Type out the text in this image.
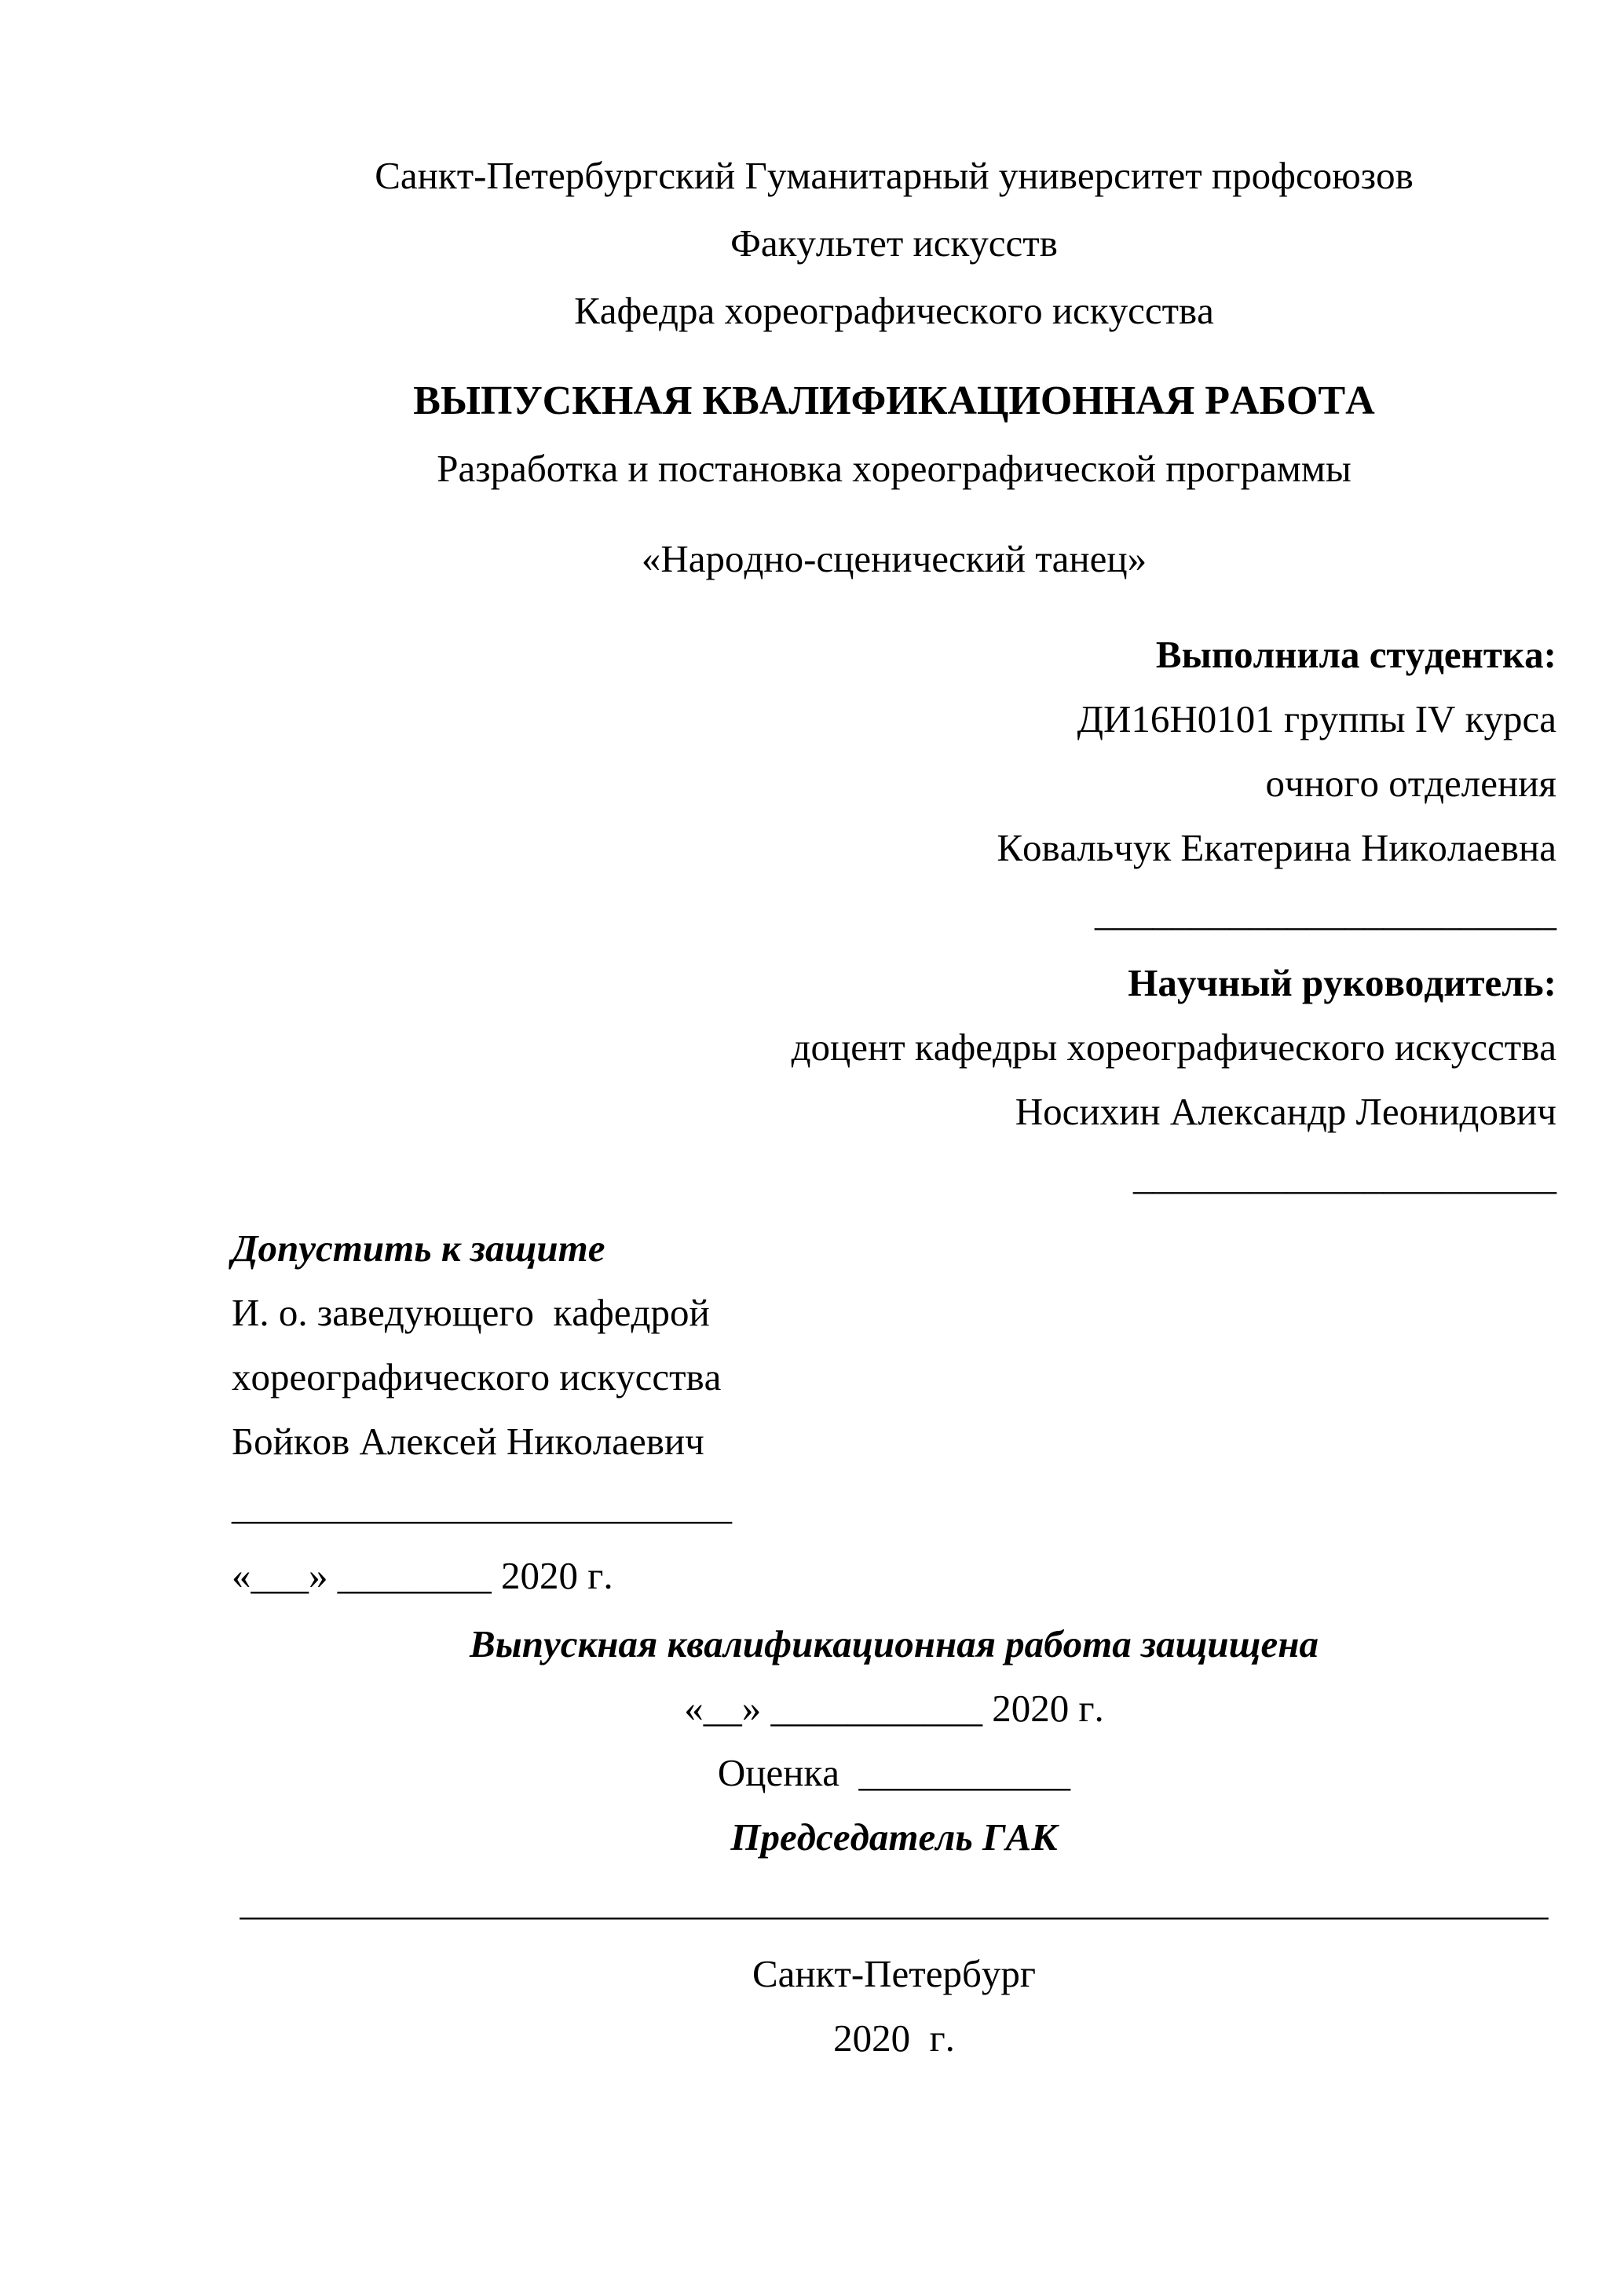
Санкт-Петербургский Гуманитарный университет профсоюзов

Факультет искусств

Кафедра хореографического искусства

ВЫПУСКНАЯ КВАЛИФИКАЦИОННАЯ РАБОТА

Разработка и постановка хореографической программы

«Народно-сценический танец»

Выполнила студентка:

ДИ16Н0101 группы IV курса

очного отделения

Ковальчук Екатерина Николаевна

________________________

Научный руководитель:

доцент кафедры хореографического искусства

Носихин Александр Леонидович

______________________

Допустить к защите

И. о. заведующего  кафедрой

хореографического искусства

Бойков Алексей Николаевич

__________________________

«___» ________ 2020 г.

Выпускная квалификационная работа защищена

«__» ___________ 2020 г.

Оценка  ___________

Председатель ГАК

____________________________________________________________________

Санкт-Петербург

2020  г.
